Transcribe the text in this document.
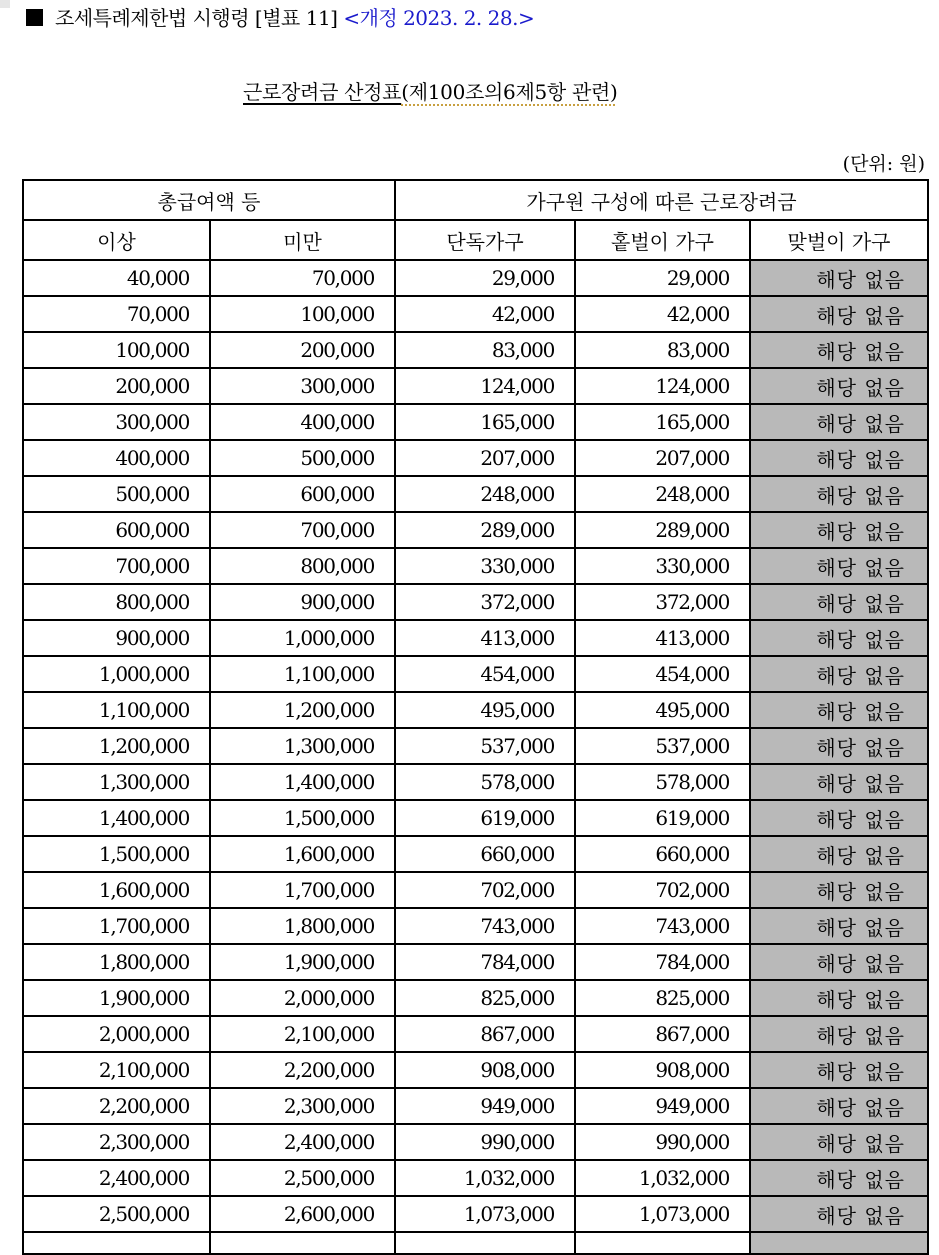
조세특례제한법 시행령 [별표 11] <개정 2023. 2. 28.>
근로장려금 산정표(제100조의6제5항 관련)
(단위: 원)
총급여액 등		가구원 구성에 따른 근로장려금		
이상	미만	단독가구	홑벌이 가구	맞벌이 가구
40,000	70,000	29,000	29,000	해당 없음
70,000	100,000	42,000	42,000	해당 없음
100,000	200,000	83,000	83,000	해당 없음
200,000	300,000	124,000	124,000	해당 없음
300,000	400,000	165,000	165,000	해당 없음
400,000	500,000	207,000	207,000	해당 없음
500,000	600,000	248,000	248,000	해당 없음
600,000	700,000	289,000	289,000	해당 없음
700,000	800,000	330,000	330,000	해당 없음
800,000	900,000	372,000	372,000	해당 없음
900,000	1,000,000	413,000	413,000	해당 없음
1,000,000	1,100,000	454,000	454,000	해당 없음
1,100,000	1,200,000	495,000	495,000	해당 없음
1,200,000	1,300,000	537,000	537,000	해당 없음
1,300,000	1,400,000	578,000	578,000	해당 없음
1,400,000	1,500,000	619,000	619,000	해당 없음
1,500,000	1,600,000	660,000	660,000	해당 없음
1,600,000	1,700,000	702,000	702,000	해당 없음
1,700,000	1,800,000	743,000	743,000	해당 없음
1,800,000	1,900,000	784,000	784,000	해당 없음
1,900,000	2,000,000	825,000	825,000	해당 없음
2,000,000	2,100,000	867,000	867,000	해당 없음
2,100,000	2,200,000	908,000	908,000	해당 없음
2,200,000	2,300,000	949,000	949,000	해당 없음
2,300,000	2,400,000	990,000	990,000	해당 없음
2,400,000	2,500,000	1,032,000	1,032,000	해당 없음
2,500,000	2,600,000	1,073,000	1,073,000	해당 없음
